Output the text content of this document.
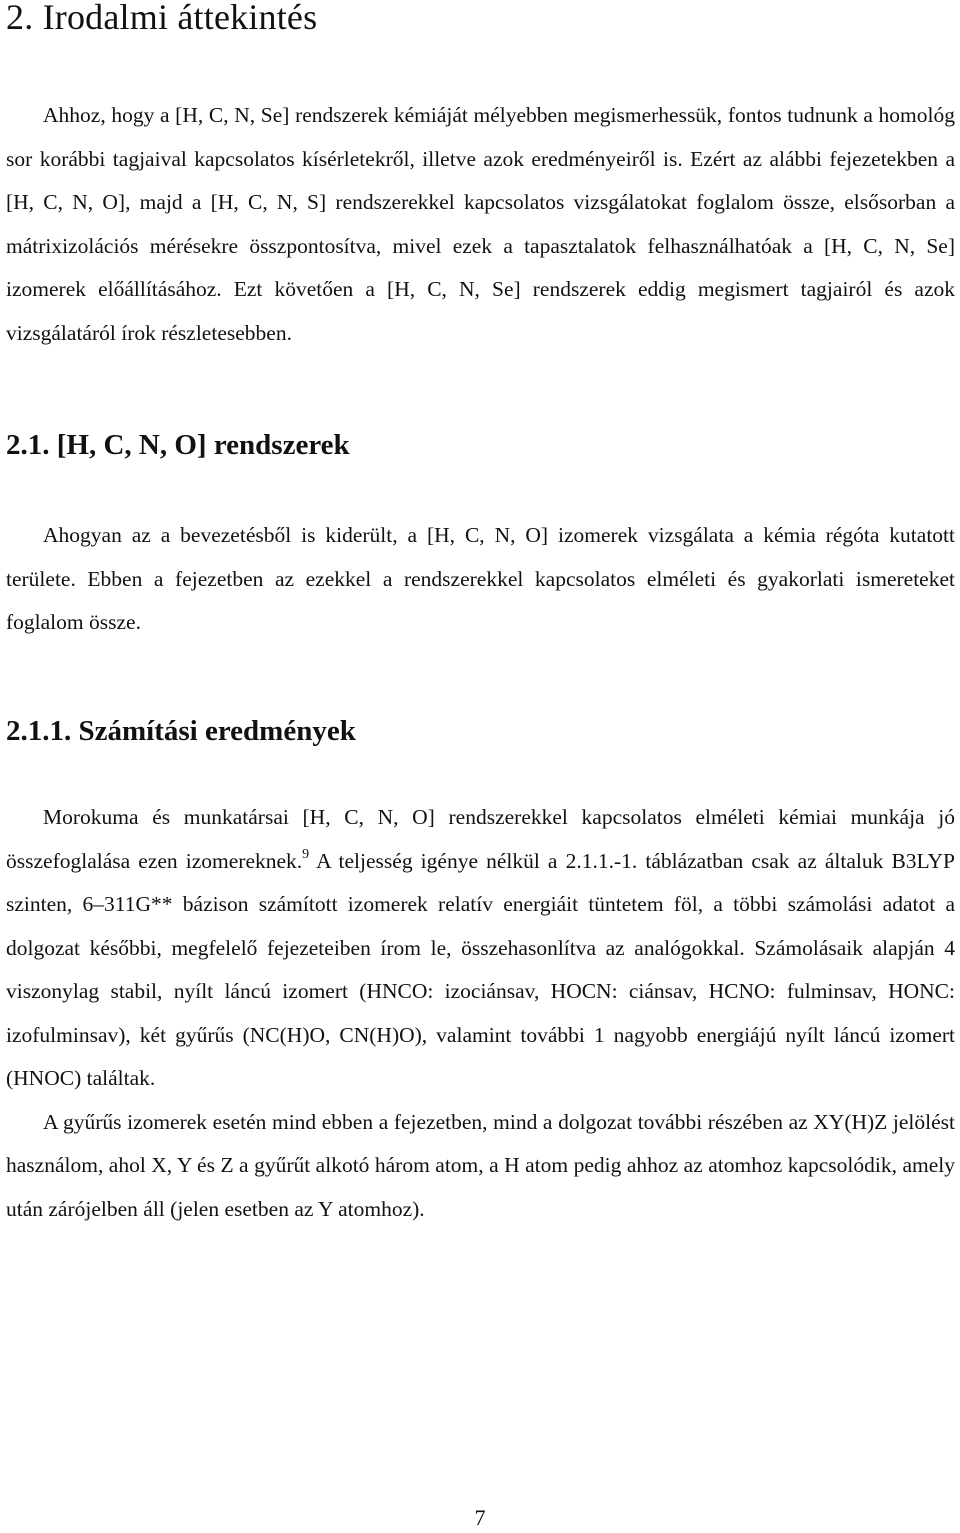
2. Irodalmi áttekintés

Ahhoz, hogy a [H, C, N, Se] rendszerek kémiáját mélyebben megismerhessük, fontos tudnunk a homológ sor korábbi tagjaival kapcsolatos kísérletekről, illetve azok eredményeiről is. Ezért az alábbi fejezetekben a [H, C, N, O], majd a [H, C, N, S] rendszerekkel kapcsolatos vizsgálatokat foglalom össze, elsősorban a mátrixizolációs mérésekre összpontosítva, mivel ezek a tapasztalatok felhasználhatóak a [H, C, N, Se] izomerek előállításához. Ezt követően a [H, C, N, Se] rendszerek eddig megismert tagjairól és azok vizsgálatáról írok részletesebben.

2.1. [H, C, N, O] rendszerek

Ahogyan az a bevezetésből is kiderült, a [H, C, N, O] izomerek vizsgálata a kémia régóta kutatott területe. Ebben a fejezetben az ezekkel a rendszerekkel kapcsolatos elméleti és gyakorlati ismereteket foglalom össze.

2.1.1. Számítási eredmények

Morokuma és munkatársai [H, C, N, O] rendszerekkel kapcsolatos elméleti kémiai munkája jó összefoglalása ezen izomereknek.$^9$ A teljesség igénye nélkül a 2.1.1.-1. táblázatban csak az általuk B3LYP szinten, 6–311G** bázison számított izomerek relatív energiáit tüntetem föl, a többi számolási adatot a dolgozat későbbi, megfelelő fejezeteiben írom le, összehasonlítva az analógokkal. Számolásaik alapján 4 viszonylag stabil, nyílt láncú izomert (HNCO: izociánsav, HOCN: ciánsav, HCNO: fulminsav, HONC: izofulminsav), két gyűrűs (NC(H)O, CN(H)O), valamint további 1 nagyobb energiájú nyílt láncú izomert (HNOC) találtak.

A gyűrűs izomerek esetén mind ebben a fejezetben, mind a dolgozat további részében az XY(H)Z jelölést használom, ahol X, Y és Z a gyűrűt alkotó három atom, a H atom pedig ahhoz az atomhoz kapcsolódik, amely után zárójelben áll (jelen esetben az Y atomhoz).

7
